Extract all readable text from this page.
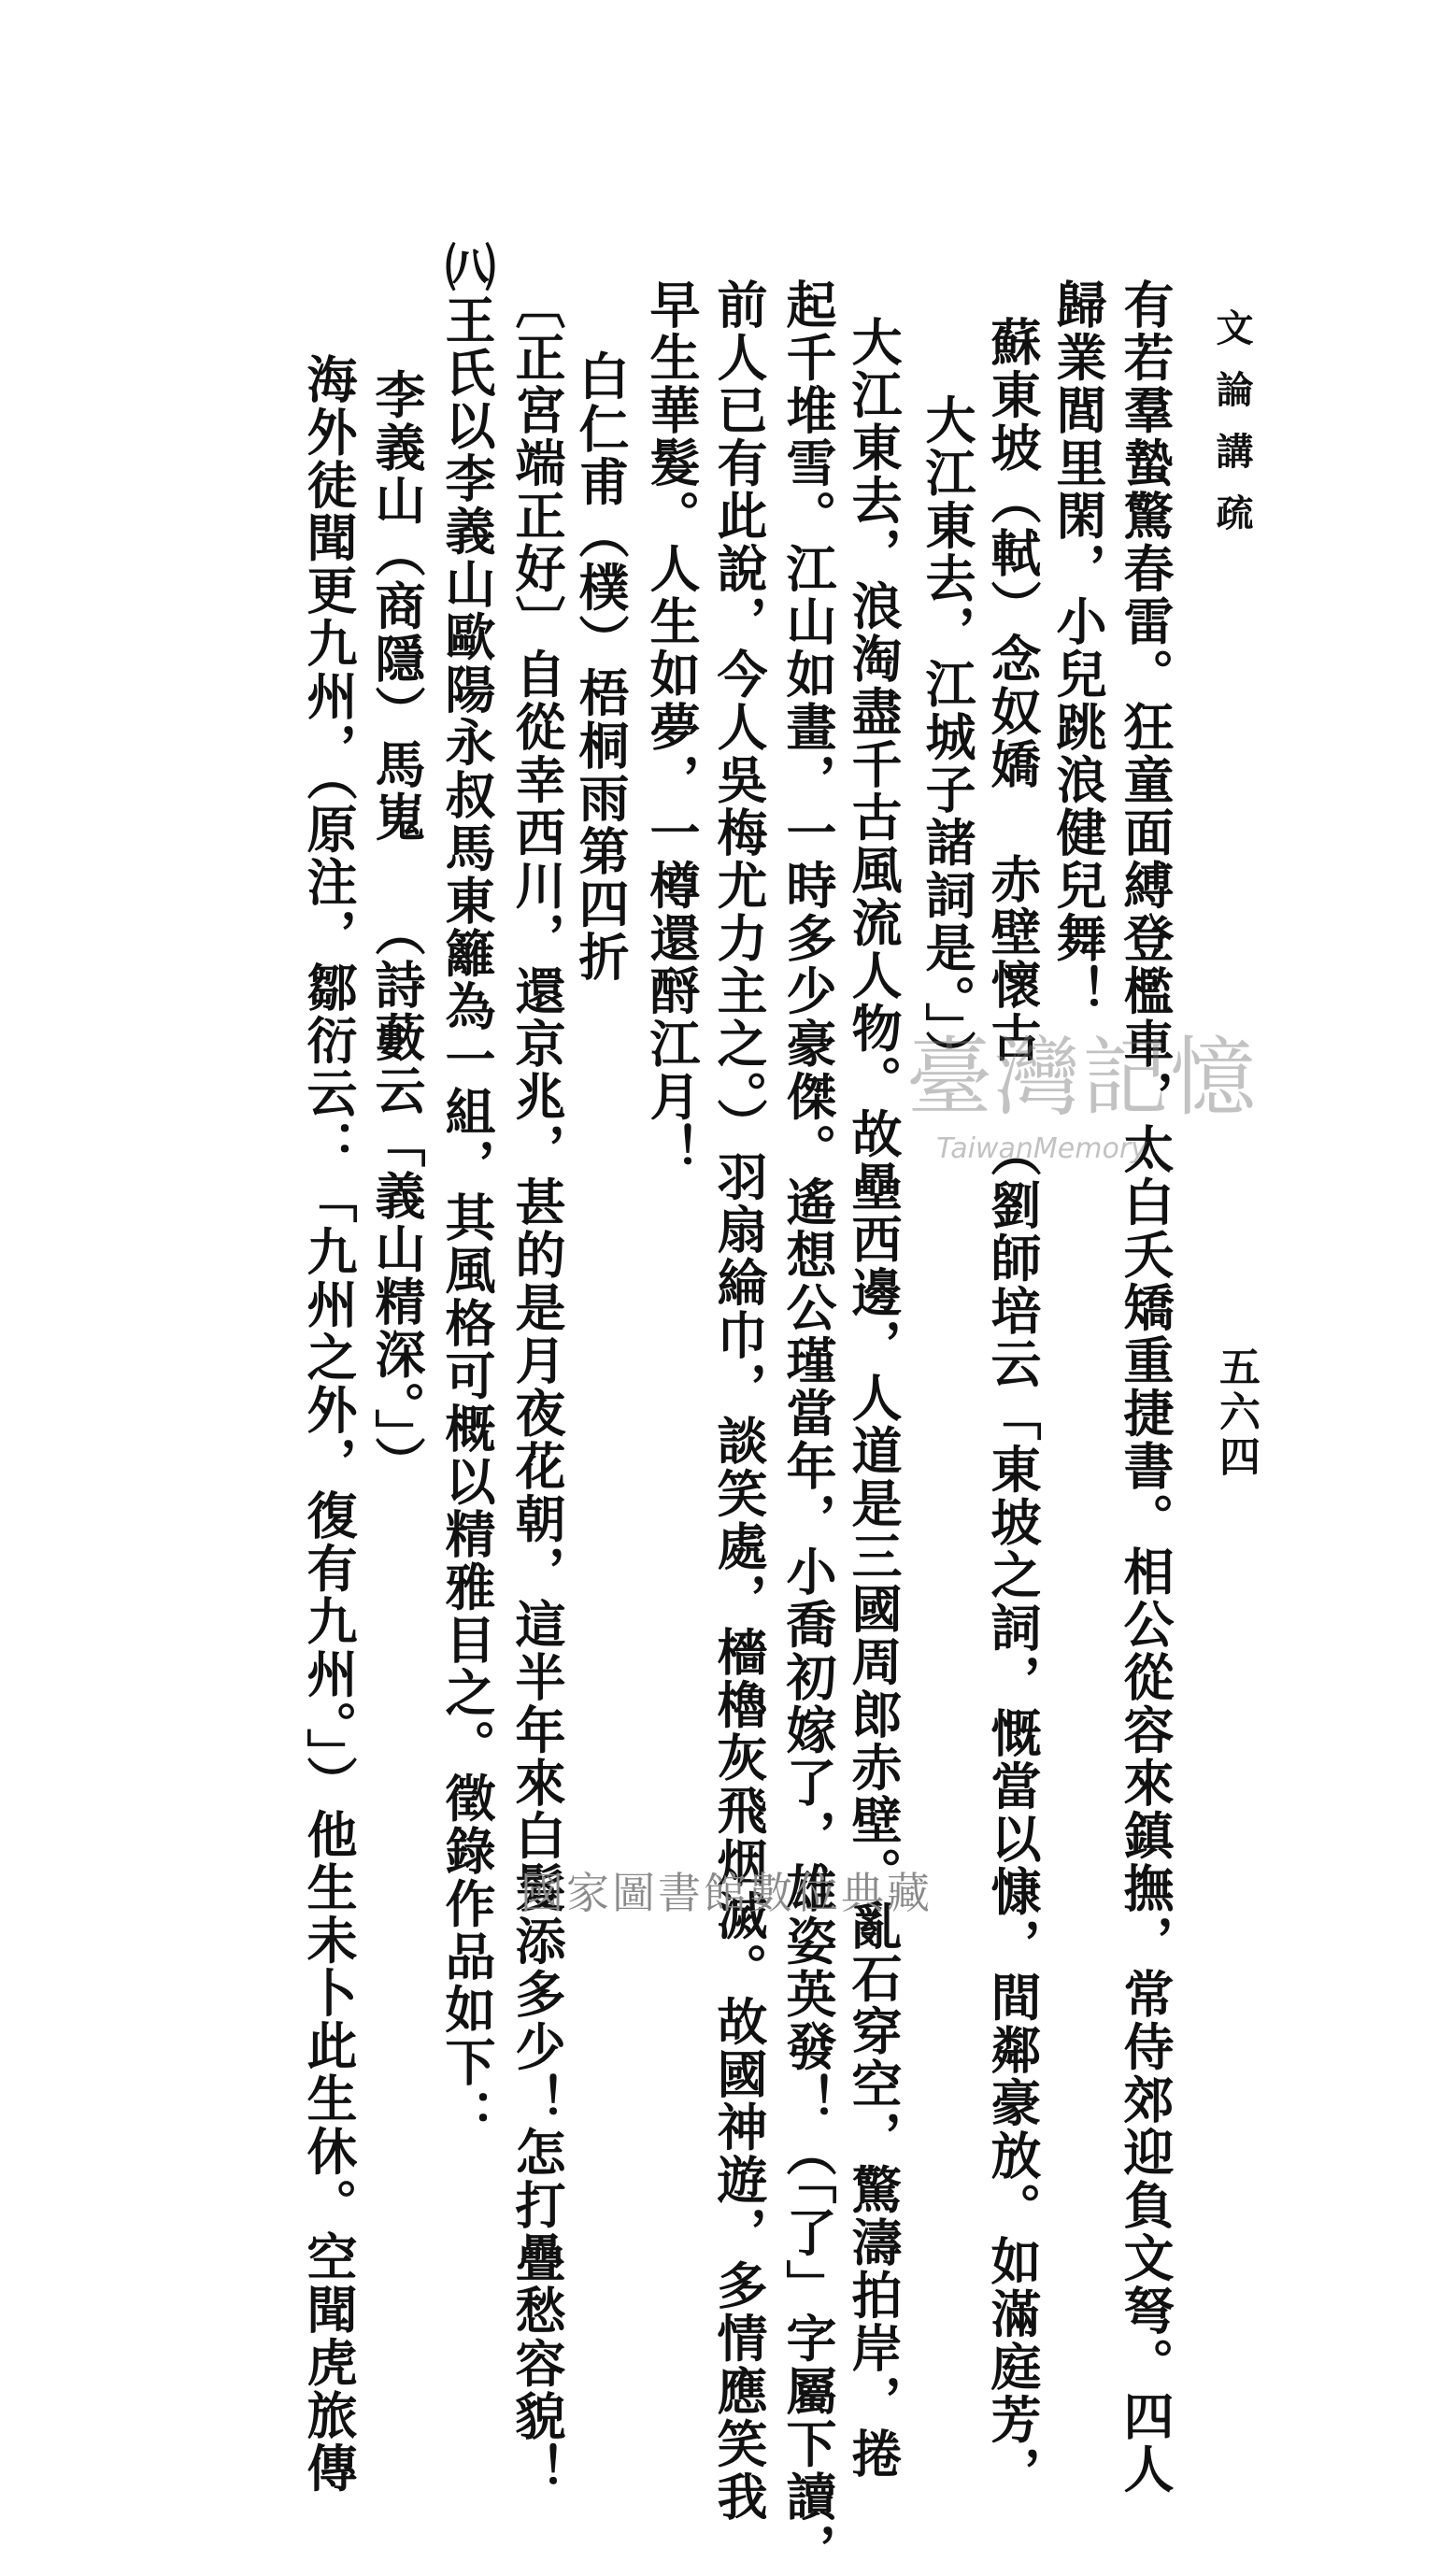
文論講疏
五六四
有若羣蟄驚春雷。狂童面縛登檻車，太白夭矯重捷書。相公從容來鎮撫，常侍郊迎負文弩。四人
歸業閭里閑，小兒跳浪健兒舞！
蘇東坡（軾）念奴嬌 赤壁懷古 （劉師培云「東坡之詞，慨當以慷，間鄰豪放。如滿庭芳，
　大江東去，江城子諸詞是。」）
大江東去，浪淘盡千古風流人物。故壘西邊，人道是三國周郎赤壁。亂石穿空，驚濤拍岸，捲
起千堆雪。江山如畫，一時多少豪傑。遙想公瑾當年，小喬初嫁了，雄姿英發！（「了」字屬下讀，
前人已有此說，今人吳梅尤力主之。）羽扇綸巾，談笑處，檣櫓灰飛烟滅。故國神遊，多情應笑我
早生華髮。人生如夢，一樽還酹江月！
　白仁甫（樸）梧桐雨第四折
〔正宮端正好〕自從幸西川，還京兆，甚的是月夜花朝，這半年來白髮添多少！怎打疊愁容貌！
㈧王氏以李義山歐陽永叔馬東籬為一組，其風格可概以精雅目之。徵錄作品如下：
　李義山（商隱）馬嵬 （詩藪云「義山精深。」）
海外徒聞更九州，（原注，鄒衍云：「九州之外，復有九州。」）他生未卜此生休。空聞虎旅傳	臺灣記憶
TaiwanMemory
國家圖書館數位典藏
